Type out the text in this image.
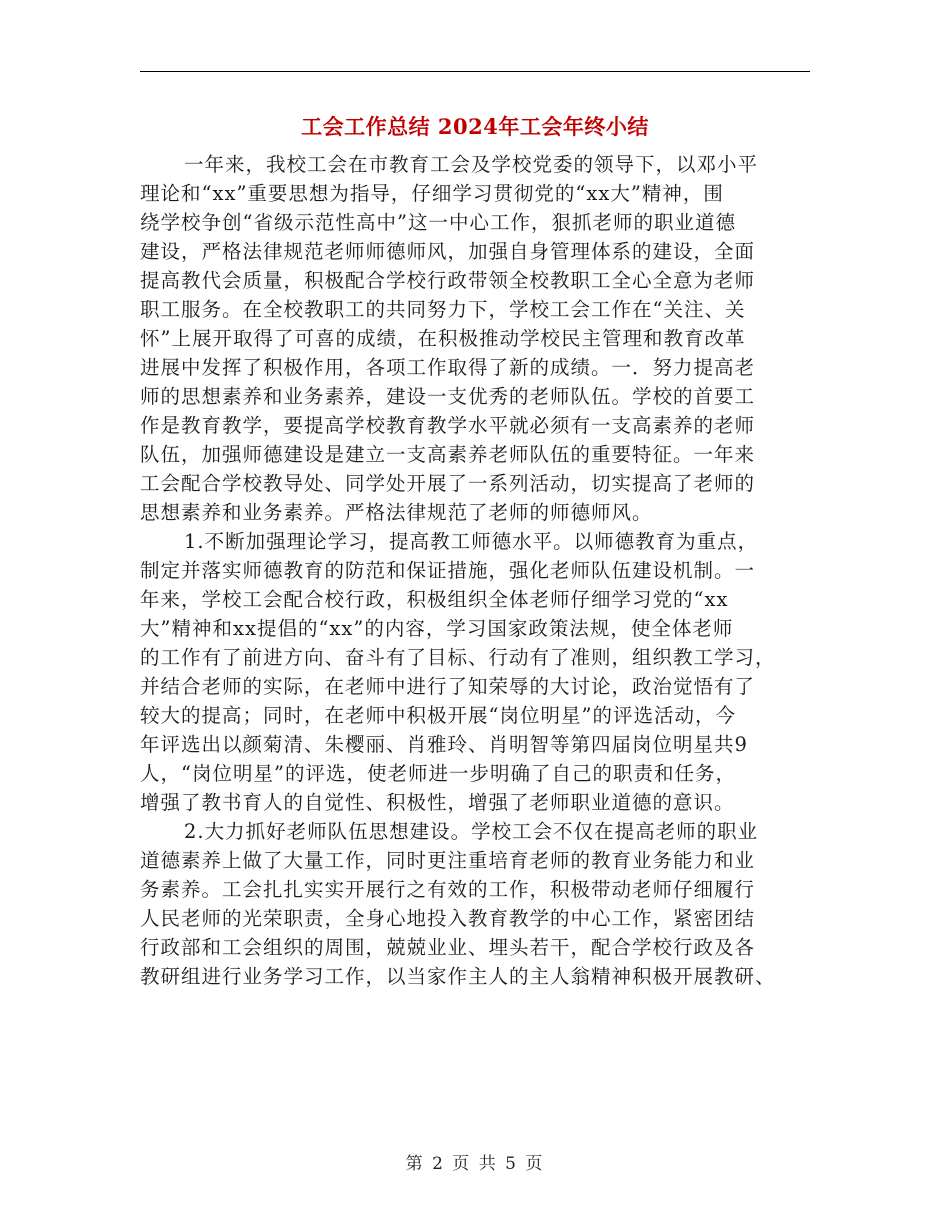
工会工作总结 2024年工会年终小结
一年来，我校工会在市教育工会及学校党委的领导下，以邓小平
理论和“xx”重要思想为指导，仔细学习贯彻党的“xx大”精神，围
绕学校争创“省级示范性高中”这一中心工作，狠抓老师的职业道德
建设，严格法律规范老师师德师风，加强自身管理体系的建设，全面
提高教代会质量，积极配合学校行政带领全校教职工全心全意为老师
职工服务。在全校教职工的共同努力下，学校工会工作在“关注、关
怀”上展开取得了可喜的成绩，在积极推动学校民主管理和教育改革
进展中发挥了积极作用，各项工作取得了新的成绩。一．努力提高老
师的思想素养和业务素养，建设一支优秀的老师队伍。学校的首要工
作是教育教学，要提高学校教育教学水平就必须有一支高素养的老师
队伍，加强师德建设是建立一支高素养老师队伍的重要特征。一年来
工会配合学校教导处、同学处开展了一系列活动，切实提高了老师的
思想素养和业务素养。严格法律规范了老师的师德师风。
1.不断加强理论学习，提高教工师德水平。以师德教育为重点，
制定并落实师德教育的防范和保证措施，强化老师队伍建设机制。一
年来，学校工会配合校行政，积极组织全体老师仔细学习党的“xx
大”精神和xx提倡的“xx”的内容，学习国家政策法规，使全体老师
的工作有了前进方向、奋斗有了目标、行动有了准则，组织教工学习，
并结合老师的实际，在老师中进行了知荣辱的大讨论，政治觉悟有了
较大的提高；同时，在老师中积极开展“岗位明星”的评选活动，今
年评选出以颜菊清、朱樱丽、肖雅玲、肖明智等第四届岗位明星共9
人，“岗位明星”的评选，使老师进一步明确了自己的职责和任务，
增强了教书育人的自觉性、积极性，增强了老师职业道德的意识。
2.大力抓好老师队伍思想建设。学校工会不仅在提高老师的职业
道德素养上做了大量工作，同时更注重培育老师的教育业务能力和业
务素养。工会扎扎实实开展行之有效的工作，积极带动老师仔细履行
人民老师的光荣职责，全身心地投入教育教学的中心工作，紧密团结
行政部和工会组织的周围，兢兢业业、埋头若干，配合学校行政及各
教研组进行业务学习工作，以当家作主人的主人翁精神积极开展教研、
第 2 页 共 5 页
